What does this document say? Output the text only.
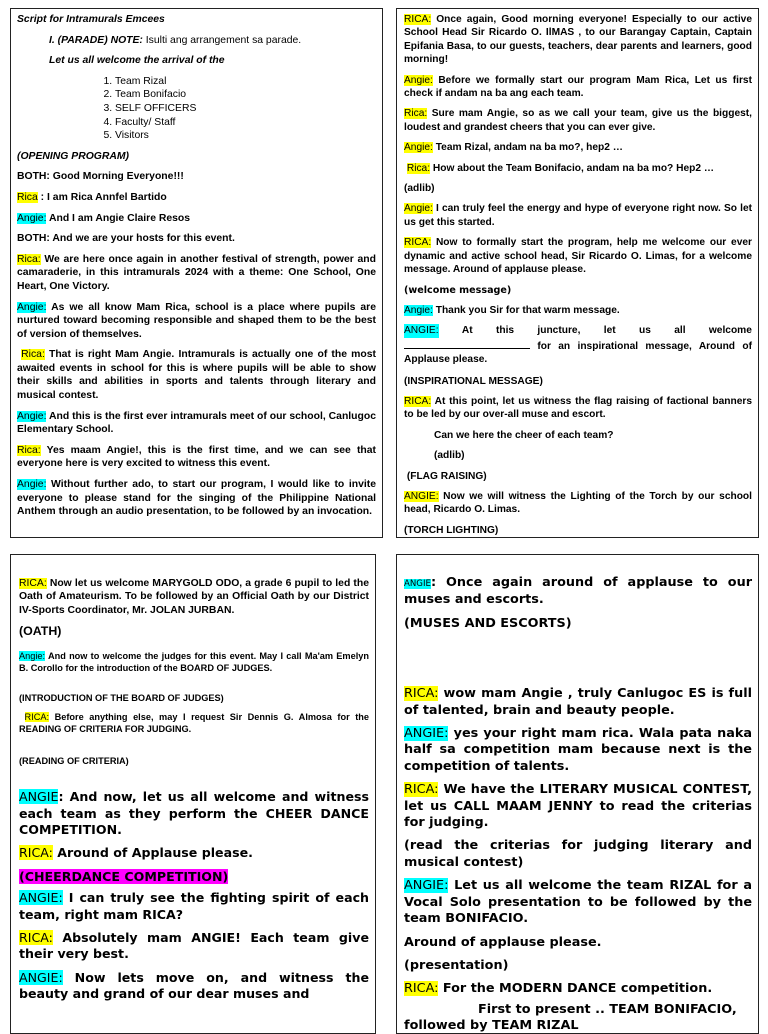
Script for Intramurals Emcees

I. (PARADE) NOTE: Isulti ang arrangement sa parade.

Let us all welcome the arrival of the

1. Team Rizal
2. Team Bonifacio
3. SELF OFFICERS
4. Faculty/ Staff
5. Visitors

(OPENING PROGRAM)

BOTH: Good Morning Everyone!!!

Rica : I am Rica Annfel Bartido

Angie: And I am Angie Claire Resos

BOTH: And we are your hosts for this event.

Rica: We are here once again in another festival of strength, power and camaraderie, in this intramurals 2024 with a theme: One School, One Heart, One Victory.

Angie: As we all know Mam Rica, school is a place where pupils are nurtured toward becoming responsible and shaped them to be the best of version of themselves.

Rica: That is right Mam Angie. Intramurals is actually one of the most awaited events in school for this is where pupils will be able to show their skills and abilities in sports and talents through literary and musical contest.

Angie: And this is the first ever intramurals meet of our school, Canlugoc Elementary School.

Rica: Yes maam Angie!, this is the first time, and we can see that everyone here is very excited to witness this event.

Angie: Without further ado, to start our program, I would like to invite everyone to please stand for the singing of the Philippine National Anthem through an audio presentation, to be followed by an invocation.

RICA: Once again, Good morning everyone! Especially to our active School Head Sir Ricardo O. IlMAS , to our Barangay Captain, Captain Epifania Basa, to our guests, teachers, dear parents and learners, good morning!

Angie: Before we formally start our program Mam Rica, Let us first check if andam na ba ang each team.

Rica: Sure mam Angie, so as we call your team, give us the biggest, loudest and grandest cheers that you can ever give.

Angie: Team Rizal, andam na ba mo?, hep2 …

Rica: How about the Team Bonifacio, andam na ba mo? Hep2 …

(adlib)

Angie: I can truly feel the energy and hype of everyone right now. So let us get this started.

RICA: Now to formally start the program, help me welcome our ever dynamic and active school head, Sir Ricardo O. Limas, for a welcome message. Around of applause please.

(welcome message)

Angie: Thank you Sir for that warm message.

ANGIE: At this juncture, let us all welcome
for an inspirational message, Around of Applause please.

(INSPIRATIONAL MESSAGE)

RICA: At this point, let us witness the flag raising of factional banners to be led by our over-all muse and escort.

Can we here the cheer of each team?

(adlib)

(FLAG RAISING)

ANGIE: Now we will witness the Lighting of the Torch by our school head, Ricardo O. Limas.

(TORCH LIGHTING)

RICA: Now let us welcome MARYGOLD ODO, a grade 6 pupil to led the Oath of Amateurism. To be followed by an Official Oath by our District IV-Sports Coordinator, Mr. JOLAN JURBAN.

(OATH)

Angie: And now to welcome the judges for this event. May I call Ma'am Emelyn B. Corollo for the introduction of the BOARD OF JUDGES.

(INTRODUCTION OF THE BOARD OF JUDGES)

RICA: Before anything else, may I request Sir Dennis G. Almosa for the READING OF CRITERIA FOR JUDGING.

(READING OF CRITERIA)

ANGIE: And now, let us all welcome and witness each team as they perform the CHEER DANCE COMPETITION.

RICA: Around of Applause please.

(CHEERDANCE COMPETITION)

ANGIE: I can truly see the fighting spirit of each team, right mam RICA?

RICA: Absolutely mam ANGIE! Each team give their very best.

ANGIE: Now lets move on, and witness the beauty and grand of our dear muses and

ANGIE: Once again around of applause to our muses and escorts.

(MUSES AND ESCORTS)

RICA: wow mam Angie , truly Canlugoc ES is full of talented, brain and beauty people.

ANGIE: yes your right mam rica. Wala pata naka half sa competition mam because next is the competition of talents.

RICA: We have the LITERARY MUSICAL CONTEST, let us CALL MAAM JENNY to read the criterias for judging.

(read the criterias for judging literary and musical contest)

ANGIE: Let us all welcome the team RIZAL for a Vocal Solo presentation to be followed by the team BONIFACIO.

Around of applause please.

(presentation)

RICA: For the MODERN DANCE competition.

First to present .. TEAM BONIFACIO,

followed by TEAM RIZAL
